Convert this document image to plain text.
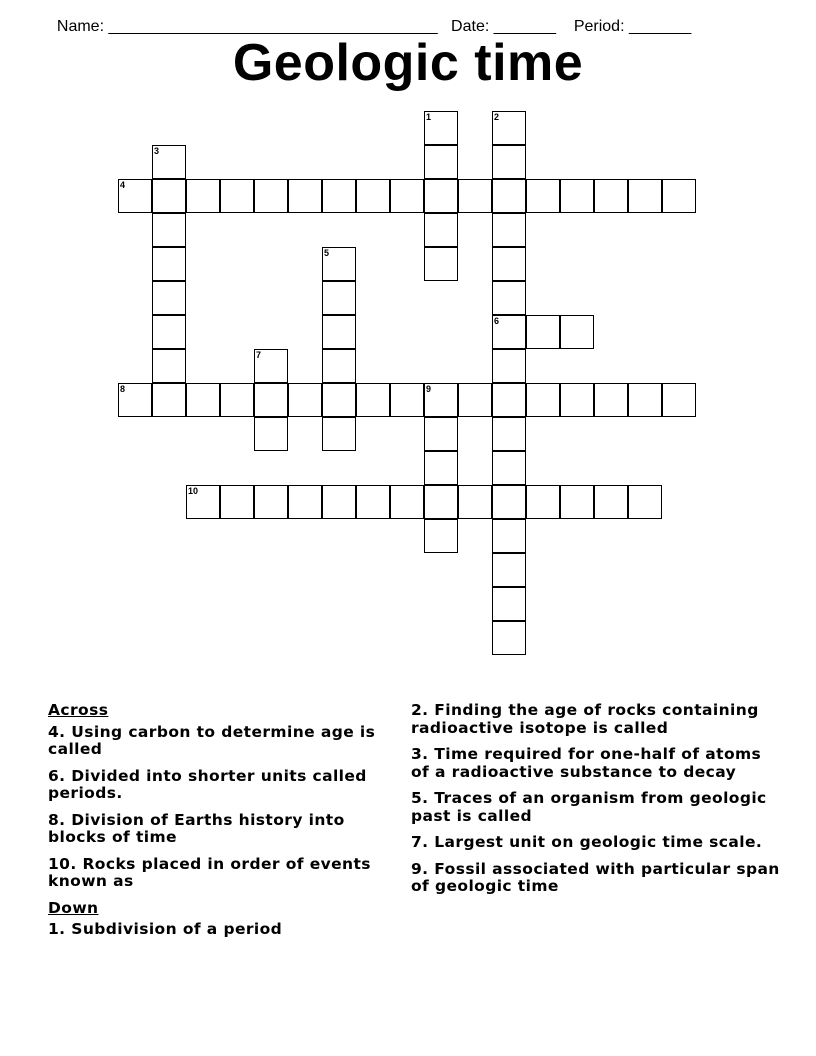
Name: _____________________________________ Date: _______ Period: _______

Geologic time
1	2
6
3
4
5
7
8	9
10
Across
4. Using carbon to determine age is called
6. Divided into shorter units called periods.
8. Division of Earths history into blocks of time
10. Rocks placed in order of events known as
Down
1. Subdivision of a period
2. Finding the age of rocks containing radioactive isotope is called
3. Time required for one-half of atoms of a radioactive substance to decay
5. Traces of an organism from geologic past is called
7. Largest unit on geologic time scale.
9. Fossil associated with particular span of geologic time
